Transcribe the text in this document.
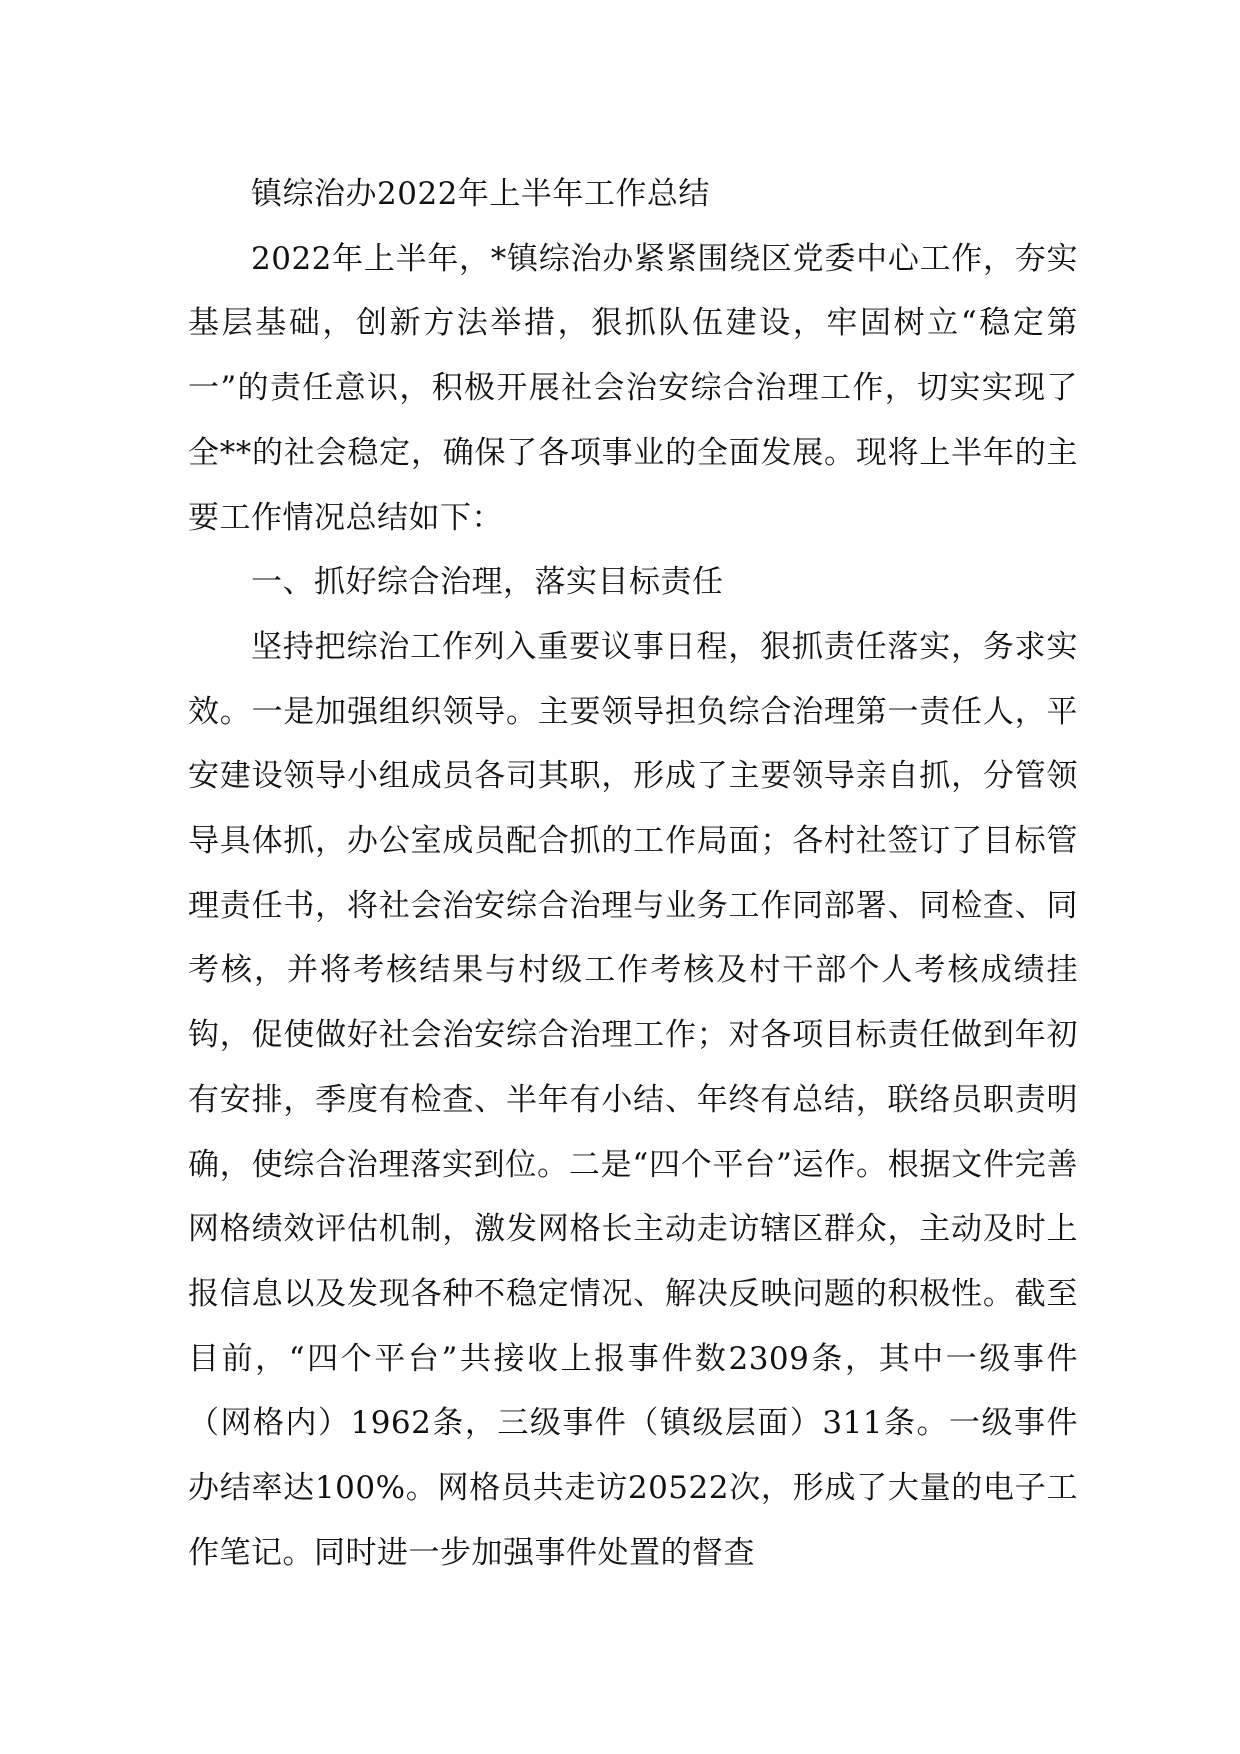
镇综治办2022年上半年工作总结

2022年上半年，*镇综治办紧紧围绕区党委中心工作，夯实基层基础，创新方法举措，狠抓队伍建设，牢固树立“稳定第一”的责任意识，积极开展社会治安综合治理工作，切实实现了全**的社会稳定，确保了各项事业的全面发展。现将上半年的主要工作情况总结如下：

一、抓好综合治理，落实目标责任

坚持把综治工作列入重要议事日程，狠抓责任落实，务求实效。一是加强组织领导。主要领导担负综合治理第一责任人，平安建设领导小组成员各司其职，形成了主要领导亲自抓，分管领导具体抓，办公室成员配合抓的工作局面；各村社签订了目标管理责任书，将社会治安综合治理与业务工作同部署、同检查、同考核，并将考核结果与村级工作考核及村干部个人考核成绩挂钩，促使做好社会治安综合治理工作；对各项目标责任做到年初有安排，季度有检查、半年有小结、年终有总结，联络员职责明确，使综合治理落实到位。二是“四个平台”运作。根据文件完善网格绩效评估机制，激发网格长主动走访辖区群众，主动及时上报信息以及发现各种不稳定情况、解决反映问题的积极性。截至目前，“四个平台”共接收上报事件数2309条，其中一级事件（网格内）1962条，三级事件（镇级层面）311条。一级事件办结率达100%。网格员共走访20522次，形成了大量的电子工作笔记。同时进一步加强事件处置的督查
